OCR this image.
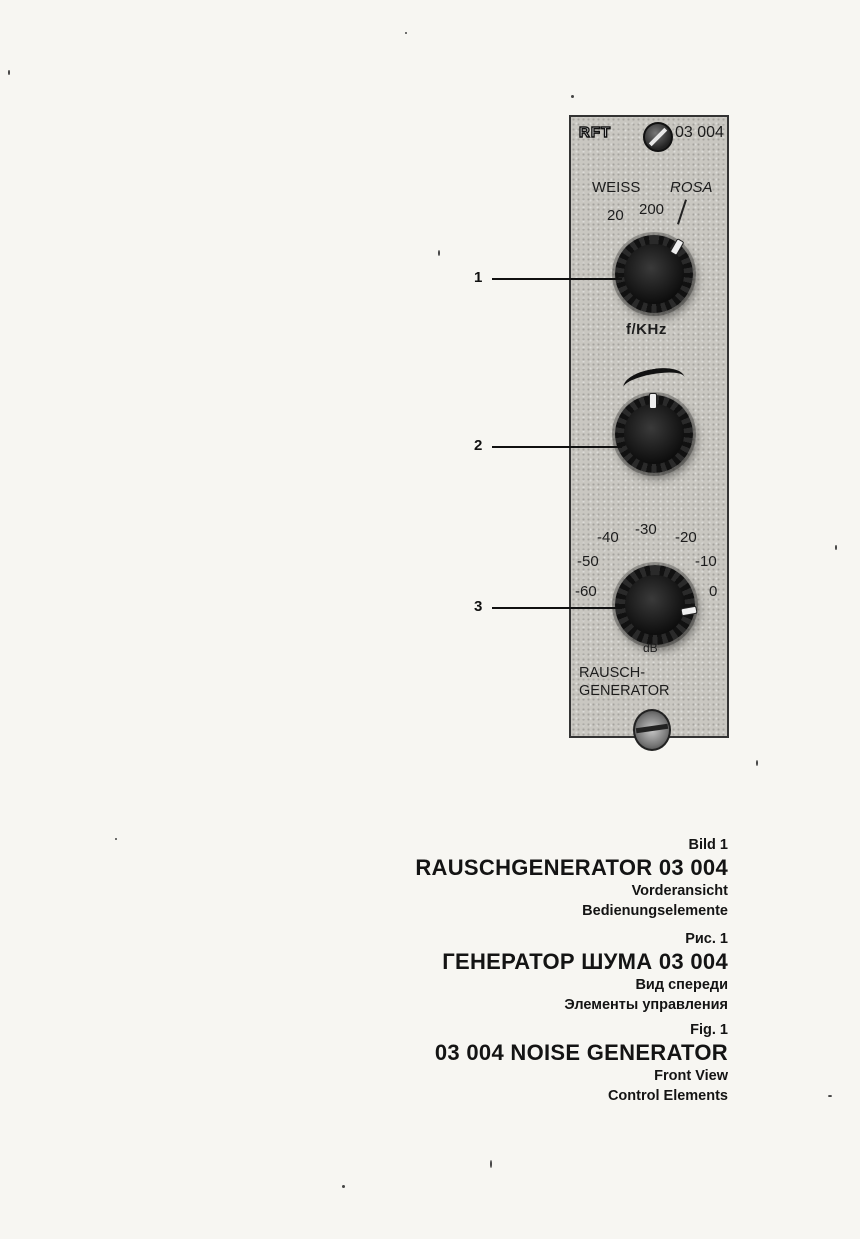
RFT	03 004
WEISS ROSA
20 200
f/KHz
-40 -30 -20
-50	-10
-60	0
dB
RAUSCH-
GENERATOR
1
2
3
Bild 1
RAUSCHGENERATOR 03 004
Vorderansicht
Bedienungselemente
Рис. 1
ГЕНЕРАТОР ШУМА 03 004
Вид спереди
Элементы управления
Fig. 1
03 004 NOISE GENERATOR
Front View
Control Elements
